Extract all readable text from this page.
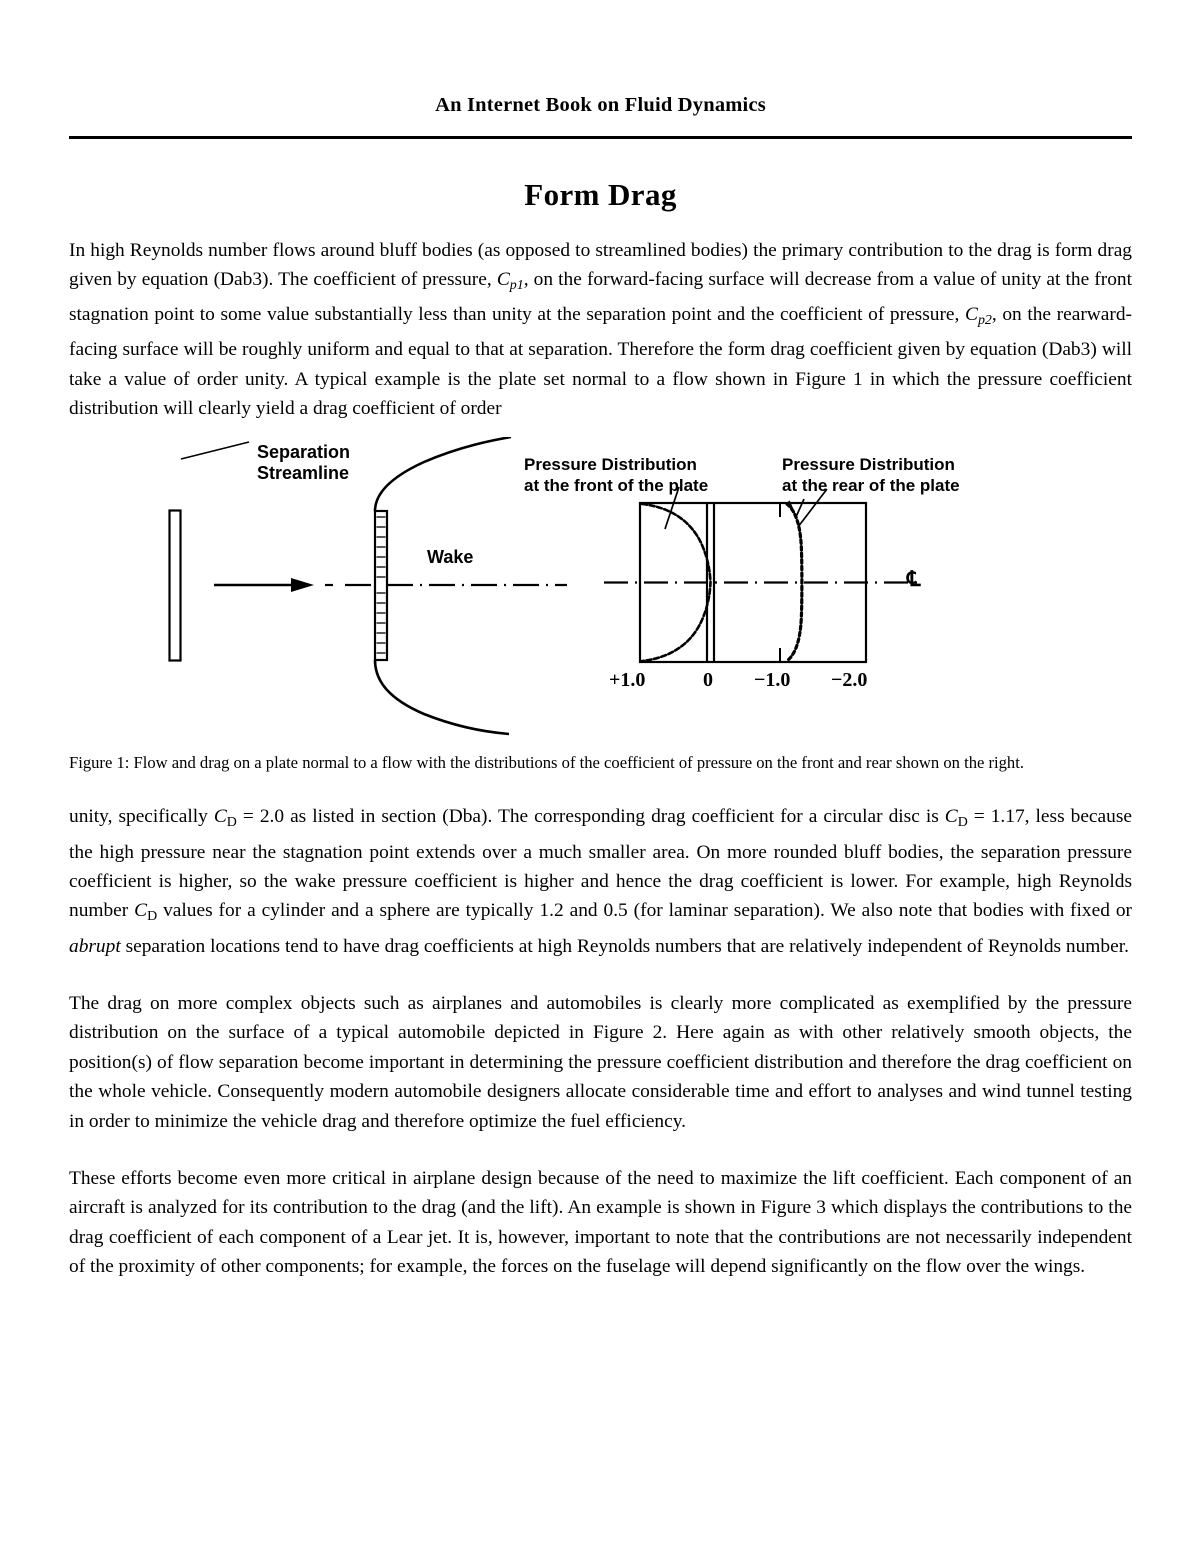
An Internet Book on Fluid Dynamics
Form Drag

In high Reynolds number flows around bluff bodies (as opposed to streamlined bodies) the primary contribution to the drag is form drag given by equation (Dab3). The coefficient of pressure, $C_{p1}$, on the forward-facing surface will decrease from a value of unity at the front stagnation point to some value substantially less than unity at the separation point and the coefficient of pressure, $C_{p2}$, on the rearward-facing surface will be roughly uniform and equal to that at separation. Therefore the form drag coefficient given by equation (Dab3) will take a value of order unity. A typical example is the plate set normal to a flow shown in Figure 1 in which the pressure coefficient distribution will clearly yield a drag coefficient of order

Separation
Streamline
Wake
Pressure Distribution
at the front of the plate
Pressure Distribution
at the rear of the plate
℄
+1.0	0 −1.0 −2.0

Figure 1: Flow and drag on a plate normal to a flow with the distributions of the coefficient of pressure on the front and rear shown on the right.

unity, specifically CD = 2.0 as listed in section (Dba). The corresponding drag coefficient for a circular disc is CD = 1.17, less because the high pressure near the stagnation point extends over a much smaller area. On more rounded bluff bodies, the separation pressure coefficient is higher, so the wake pressure coefficient is higher and hence the drag coefficient is lower. For example, high Reynolds number CD values for a cylinder and a sphere are typically 1.2 and 0.5 (for laminar separation). We also note that bodies with fixed or abrupt separation locations tend to have drag coefficients at high Reynolds numbers that are relatively independent of Reynolds number.

The drag on more complex objects such as airplanes and automobiles is clearly more complicated as exemplified by the pressure distribution on the surface of a typical automobile depicted in Figure 2. Here again as with other relatively smooth objects, the position(s) of flow separation become important in determining the pressure coefficient distribution and therefore the drag coefficient on the whole vehicle. Consequently modern automobile designers allocate considerable time and effort to analyses and wind tunnel testing in order to minimize the vehicle drag and therefore optimize the fuel efficiency.

These efforts become even more critical in airplane design because of the need to maximize the lift coefficient. Each component of an aircraft is analyzed for its contribution to the drag (and the lift). An example is shown in Figure 3 which displays the contributions to the drag coefficient of each component of a Lear jet. It is, however, important to note that the contributions are not necessarily independent of the proximity of other components; for example, the forces on the fuselage will depend significantly on the flow over the wings.
